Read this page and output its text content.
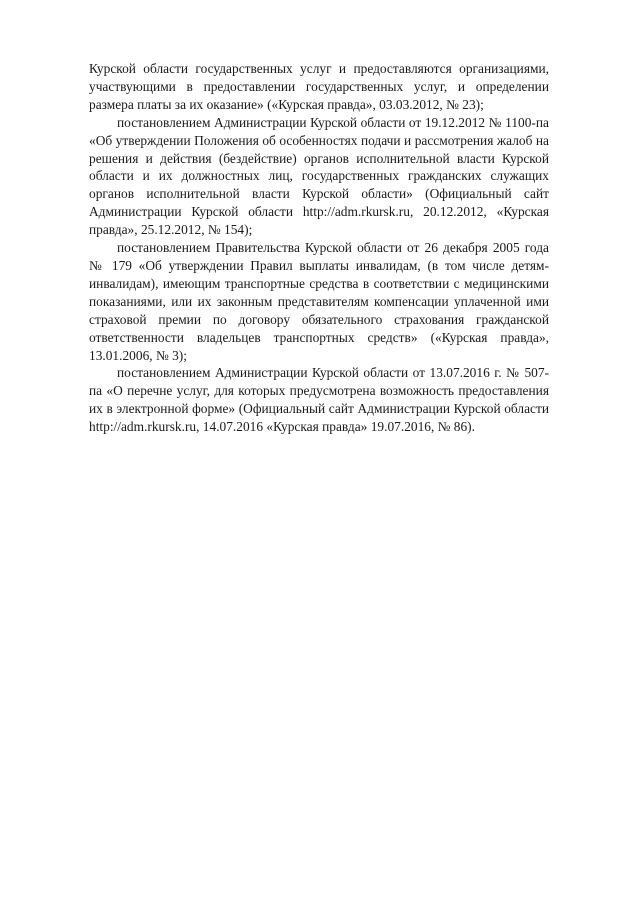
Курской области государственных услуг и предоставляются организациями, участвующими в предоставлении государственных услуг, и определении размера платы за их оказание» («Курская правда», 03.03.2012, № 23);

постановлением Администрации Курской области от 19.12.2012 № 1100-па «Об утверждении Положения об особенностях подачи и рассмотрения жалоб на решения и действия (бездействие) органов исполнительной власти Курской области и их должностных лиц, государственных гражданских служащих органов исполнительной власти Курской области» (Официальный сайт Администрации Курской области http://adm.rkursk.ru, 20.12.2012, «Курская правда», 25.12.2012, № 154);

постановлением Правительства Курской области от 26 декабря 2005 года № 179 «Об утверждении Правил выплаты инвалидам, (в том числе детям-инвалидам), имеющим транспортные средства в соответствии с медицинскими показаниями, или их законным представителям компенсации уплаченной ими страховой премии по договору обязательного страхования гражданской ответственности владельцев транспортных средств» («Курская правда», 13.01.2006, № 3);

постановлением Администрации Курской области от 13.07.2016 г. № 507-па «О перечне услуг, для которых предусмотрена возможность предоставления их в электронной форме» (Официальный сайт Администрации Курской области http://adm.rkursk.ru, 14.07.2016 «Курская правда» 19.07.2016, № 86).
